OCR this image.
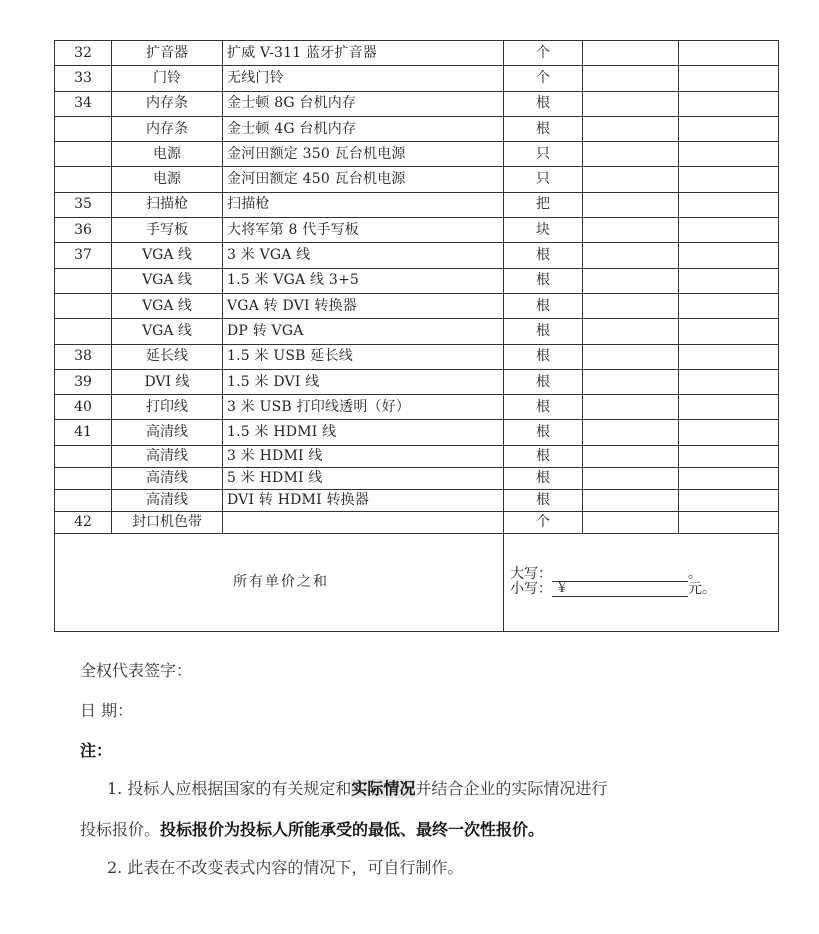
32	扩音器	扩威 V-311 蓝牙扩音器	个		
33	门铃	无线门铃	个		
34	内存条	金士顿 8G 台机内存	根		
	内存条	金士顿 4G 台机内存	根		
	电源	金河田额定 350 瓦台机电源	只		
	电源	金河田额定 450 瓦台机电源	只		
35	扫描枪	扫描枪	把		
36	手写板	大将军第 8 代手写板	块		
37	VGA 线	3 米 VGA 线	根		
	VGA 线	1.5 米 VGA 线 3+5	根		
	VGA 线	VGA 转 DVI 转换器	根		
	VGA 线	DP 转 VGA	根		
38	延长线	1.5 米 USB 延长线	根		
39	DVI 线	1.5 米 DVI 线	根		
40	打印线	3 米 USB 打印线透明（好）	根		
41	高清线	1.5 米 HDMI 线	根		
	高清线	3 米 HDMI 线	根		
	高清线	5 米 HDMI 线	根		
	高清线	DVI 转 HDMI 转换器	根		
42	封口机色带		个		
所有单价之和			大写： 。
小写： ￥ 元。		
全权代表签字：
日 期：
注：
1. 投标人应根据国家的有关规定和实际情况并结合企业的实际情况进行
投标报价。投标报价为投标人所能承受的最低、最终一次性报价。
2. 此表在不改变表式内容的情况下，可自行制作。
